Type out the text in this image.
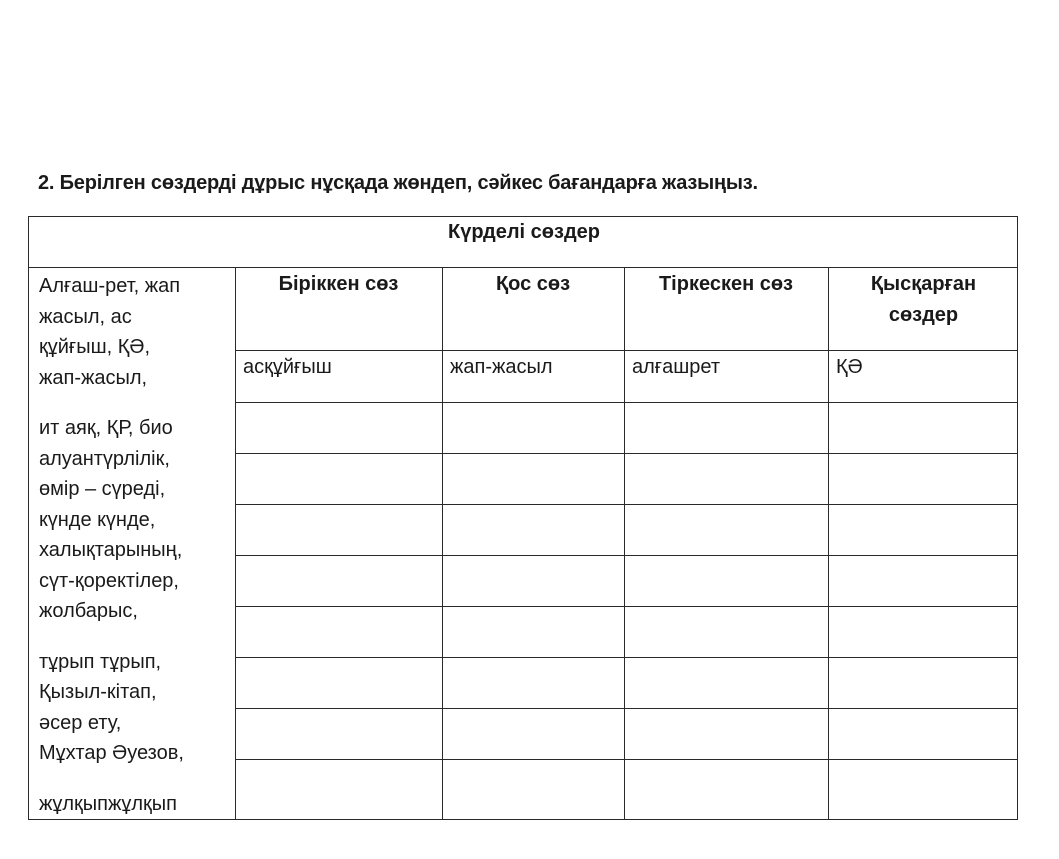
2. Берілген сөздерді дұрыс нұсқада жөндеп, сәйкес бағандарға жазыңыз.
Күрделі сөздер
Біріккен сөз	Қос сөз	Тіркескен сөз	Қысқарған
сөздер
асқұйғыш	жап-жасыл	алғашрет	ҚӘ
Алғаш-рет, жап
жасыл, ас
құйғыш, ҚӘ,
жап-жасыл,
ит аяқ, ҚР, био
алуантүрлілік,
өмір – сүреді,
күнде күнде,
халықтарының,
сүт-қоректілер,
жолбарыс,
тұрып тұрып,
Қызыл-кітап,
әсер ету,
Мұхтар Әуезов,
жұлқыпжұлқып
